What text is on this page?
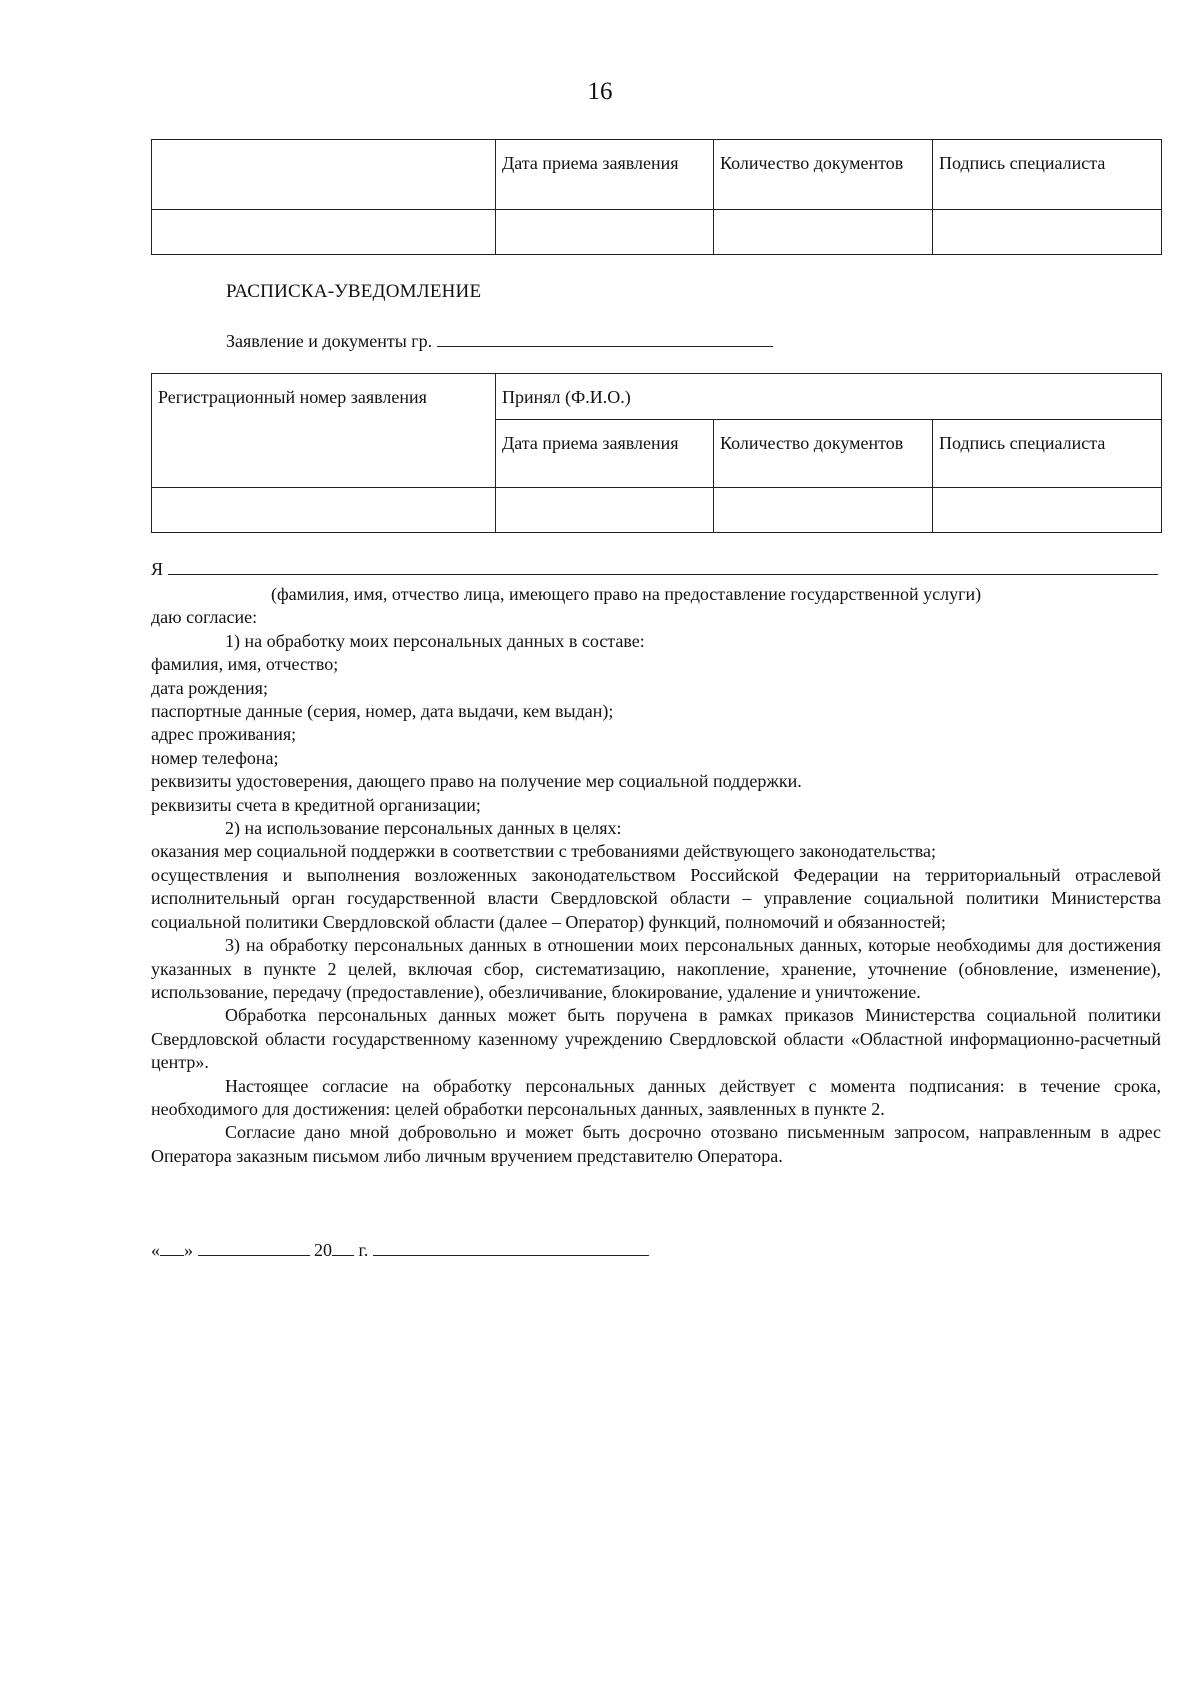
16
	Дата приема заявления	Количество документов	Подпись специалиста

РАСПИСКА-УВЕДОМЛЕНИЕ
Заявление и документы гр.
Регистрационный номер заявления	Принял (Ф.И.О.)		
	Дата приема заявления	Количество документов	Подпись специалиста

Я

(фамилия, имя, отчество лица, имеющего право на предоставление государственной услуги)

даю согласие:

1) на обработку моих персональных данных в составе:

фамилия, имя, отчество;

дата рождения;

паспортные данные (серия, номер, дата выдачи, кем выдан);

адрес проживания;

номер телефона;

реквизиты удостоверения, дающего право на получение мер социальной поддержки.

реквизиты счета в кредитной организации;

2) на использование персональных данных в целях:

оказания мер социальной поддержки в соответствии с требованиями действующего законодательства;

осуществления и выполнения возложенных законодательством Российской Федерации на территориальный отраслевой исполнительный орган государственной власти Свердловской области – управление социальной политики Министерства социальной политики Свердловской области (далее – Оператор) функций, полномочий и обязанностей;

3) на обработку персональных данных в отношении моих персональных данных, которые необходимы для достижения указанных в пункте 2 целей, включая сбор, систематизацию, накопление, хранение, уточнение (обновление, изменение), использование, передачу (предоставление), обезличивание, блокирование, удаление и уничтожение.

Обработка персональных данных может быть поручена в рамках приказов Министерства социальной политики Свердловской области государственному казенному учреждению Свердловской области «Областной информационно-расчетный центр».

Настоящее согласие на обработку персональных данных действует с момента подписания: в течение срока, необходимого для достижения: целей обработки персональных данных, заявленных в пункте 2.

Согласие дано мной добровольно и может быть досрочно отозвано письменным запросом, направленным в адрес Оператора заказным письмом либо личным вручением представителю Оператора.

« »	20 г.
